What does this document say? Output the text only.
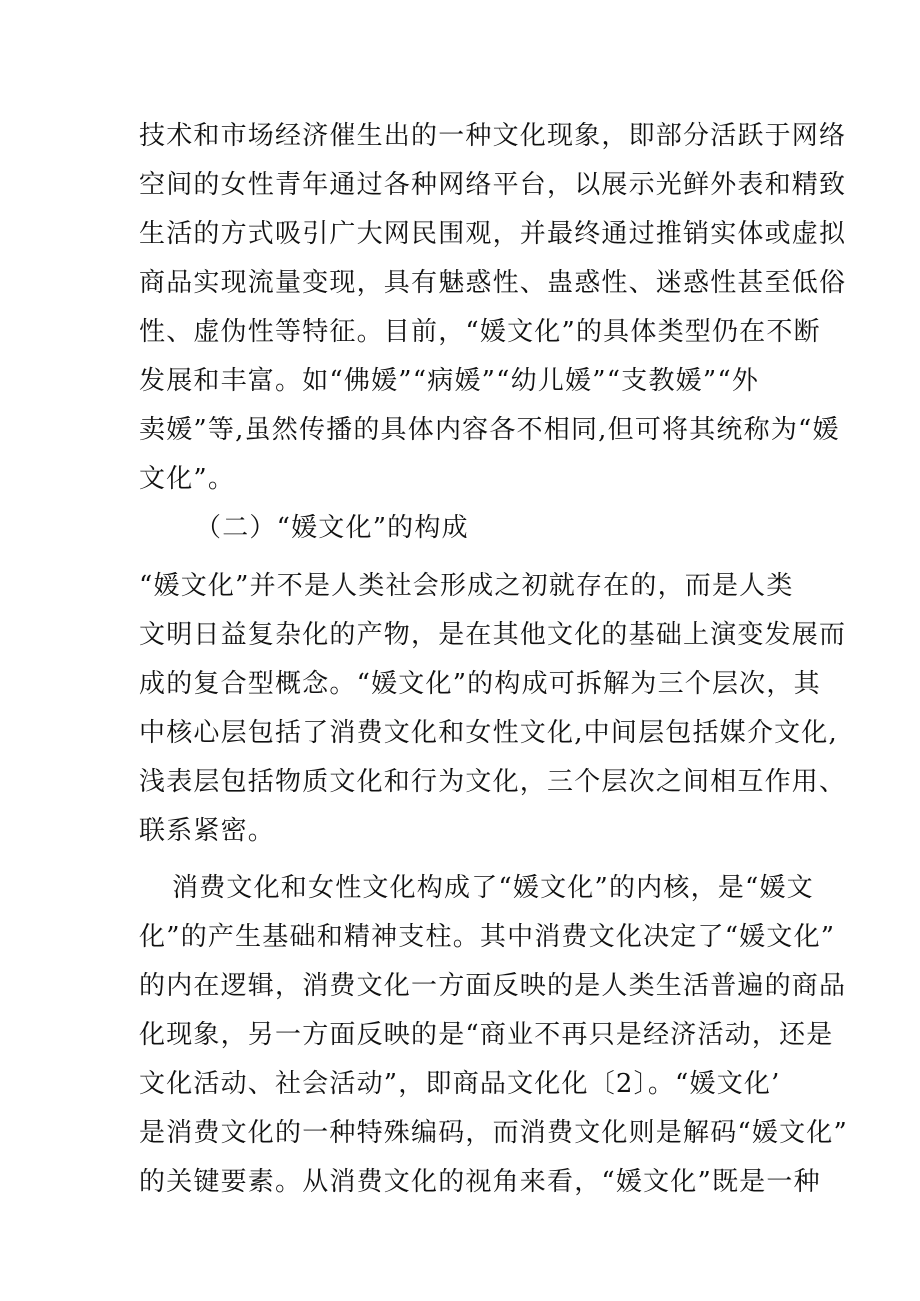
技术和市场经济催生出的一种文化现象，即部分活跃于网络
空间的女性青年通过各种网络平台，以展示光鲜外表和精致
生活的方式吸引广大网民围观，并最终通过推销实体或虚拟
商品实现流量变现，具有魅惑性、蛊惑性、迷惑性甚至低俗
性、虚伪性等特征。目前，“媛文化”的具体类型仍在不断
发展和丰富。如“佛媛”“病媛”“幼儿媛”“支教媛”“外
卖媛”等,虽然传播的具体内容各不相同,但可将其统称为“媛
文化”。
（二）“媛文化”的构成
“媛文化”并不是人类社会形成之初就存在的，而是人类
文明日益复杂化的产物，是在其他文化的基础上演变发展而
成的复合型概念。“媛文化”的构成可拆解为三个层次，其
中核心层包括了消费文化和女性文化,中间层包括媒介文化,
浅表层包括物质文化和行为文化，三个层次之间相互作用、
联系紧密。
消费文化和女性文化构成了“媛文化”的内核，是“媛文
化”的产生基础和精神支柱。其中消费文化决定了“媛文化”
的内在逻辑，消费文化一方面反映的是人类生活普遍的商品
化现象，另一方面反映的是“商业不再只是经济活动，还是
文化活动、社会活动”，即商品文化化〔2〕。“媛文化’
是消费文化的一种特殊编码，而消费文化则是解码“媛文化”
的关键要素。从消费文化的视角来看，“媛文化”既是一种
